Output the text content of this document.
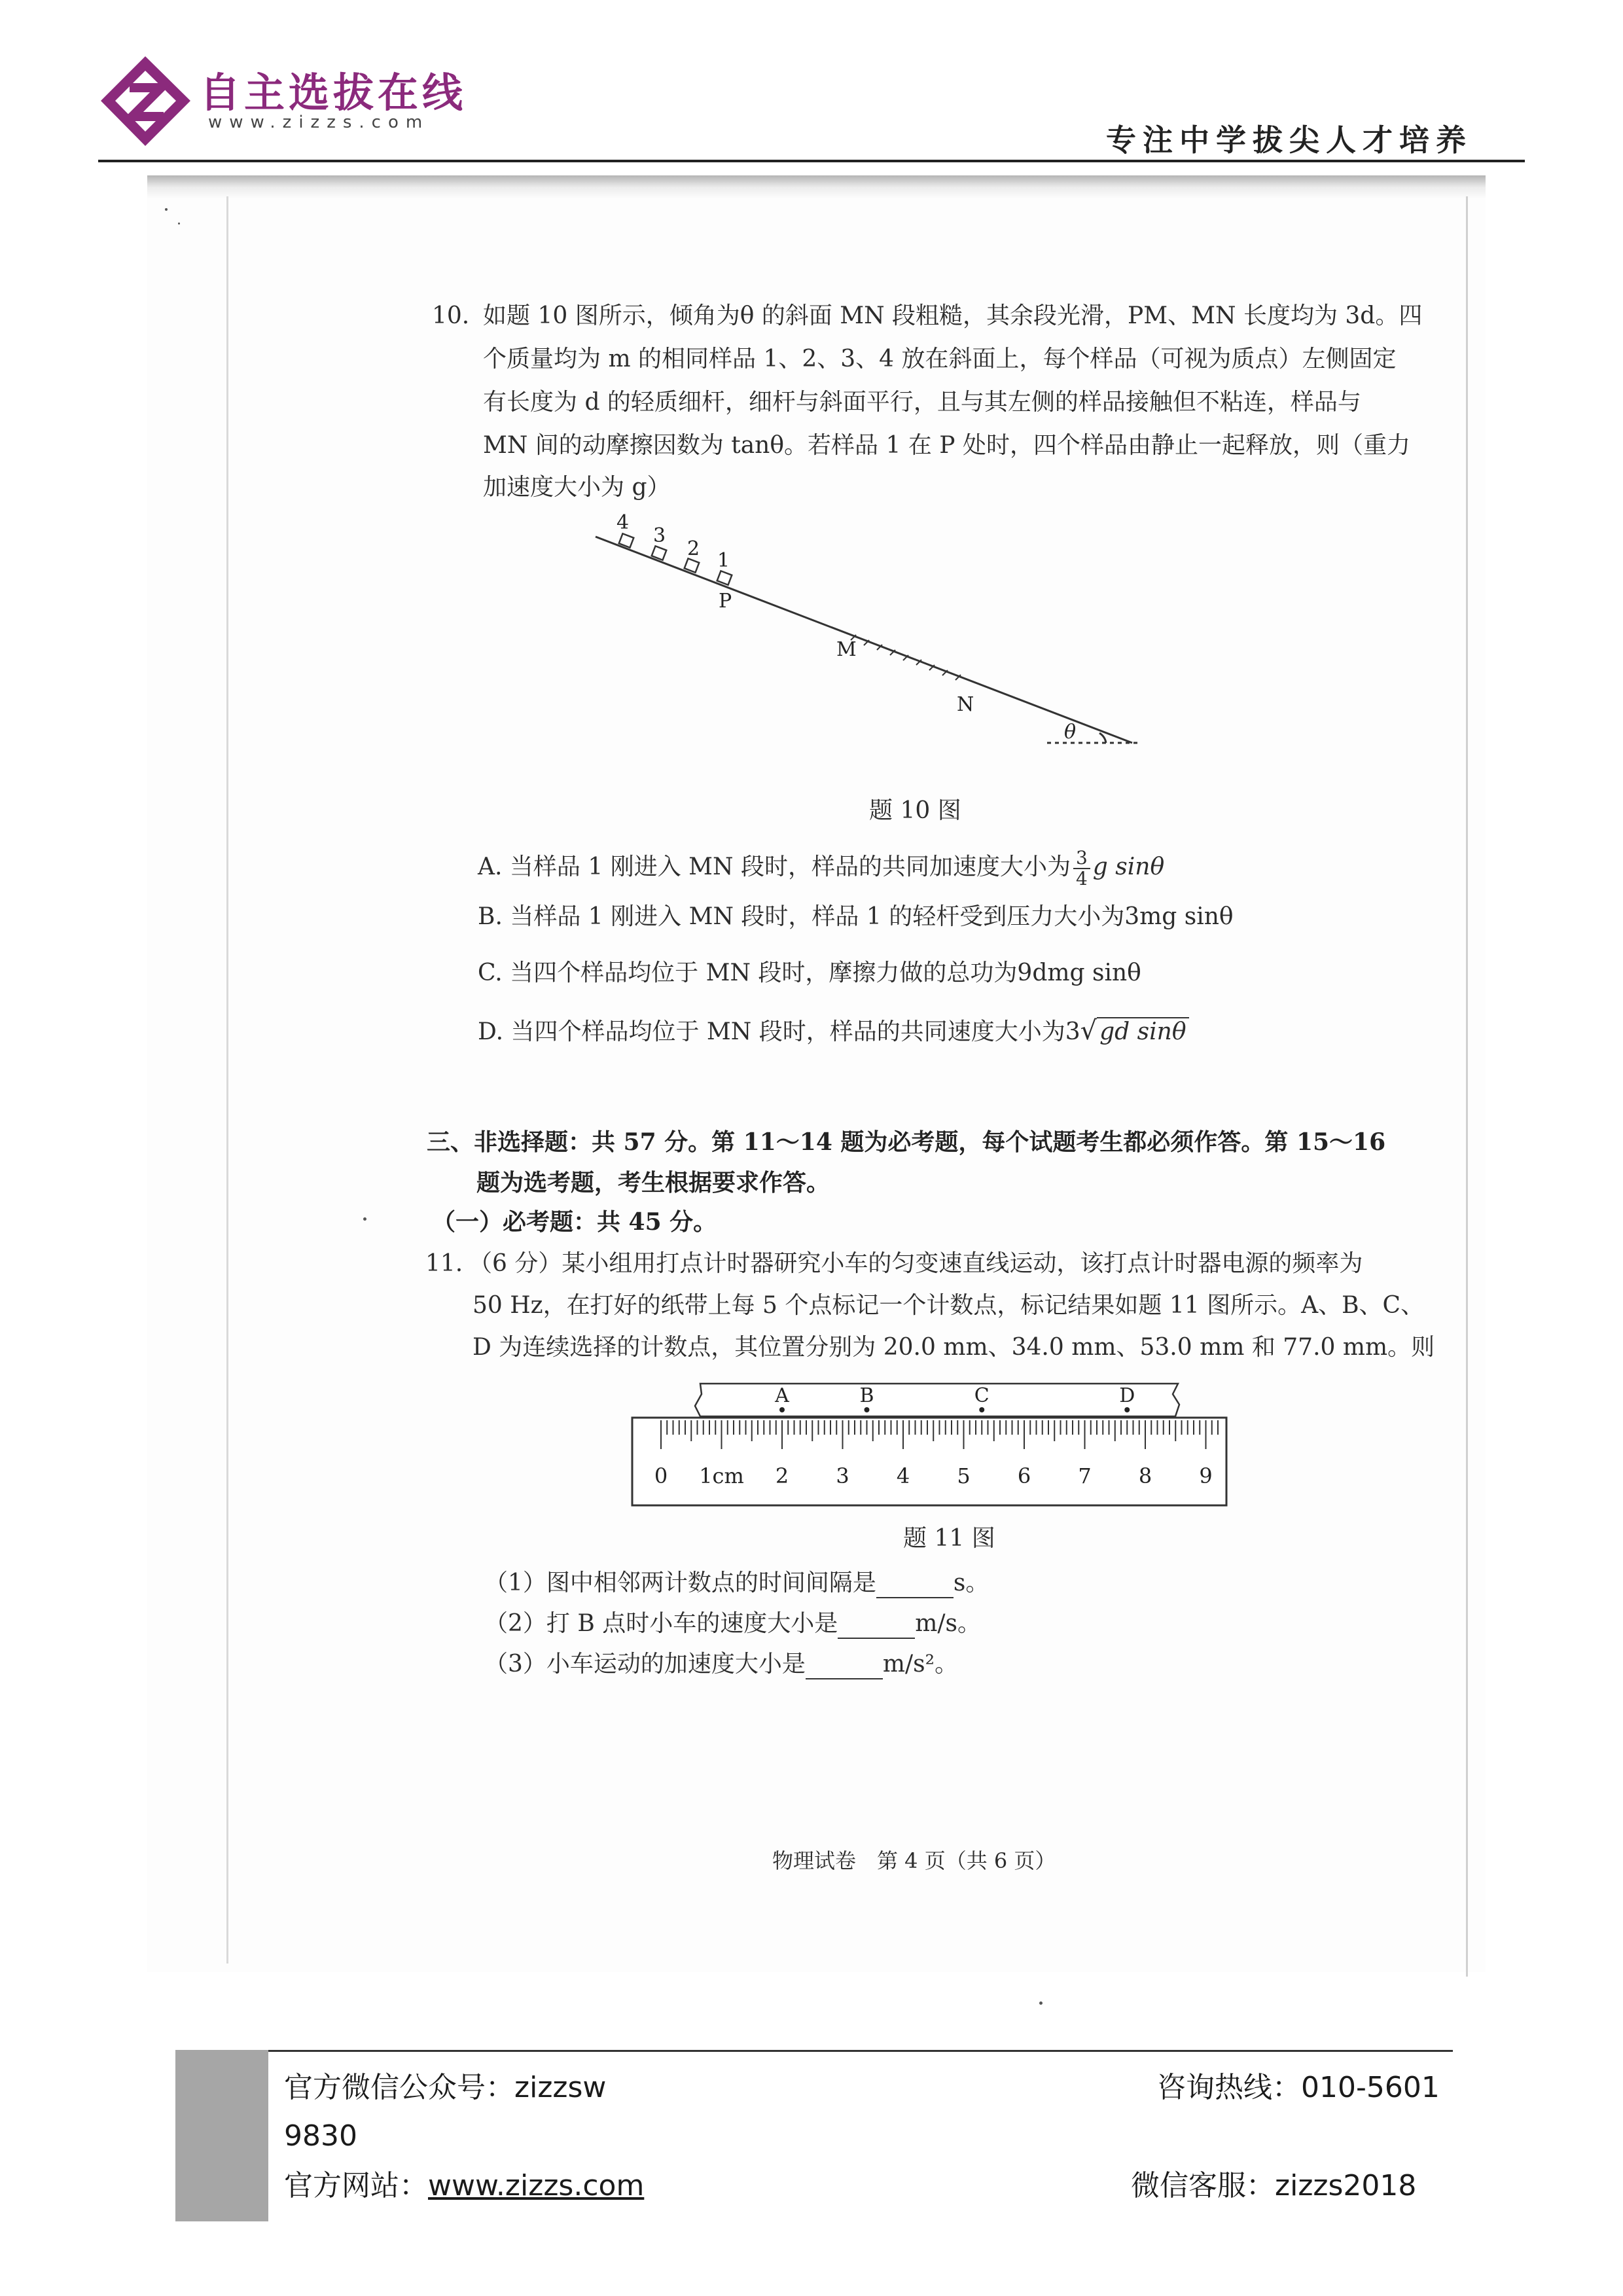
自主选拔在线
www.zizzs.com	专注中学拔尖人才培养
10. 如题 10 图所示，倾角为θ 的斜面 MN 段粗糙，其余段光滑，PM、MN 长度均为 3d。四
个质量均为 m 的相同样品 1、2、3、4 放在斜面上，每个样品（可视为质点）左侧固定
有长度为 d 的轻质细杆，细杆与斜面平行，且与其左侧的样品接触但不粘连，样品与
MN 间的动摩擦因数为 tanθ。若样品 1 在 P 处时，四个样品由静止一起释放，则（重力
加速度大小为 g）
4
3
2
1
P
M
N
θ
题 10 图
A. 当样品 1 刚进入 MN 段时，样品的共同加速度大小为 $\frac{3}{4}$ g sinθ
B. 当样品 1 刚进入 MN 段时，样品 1 的轻杆受到压力大小为3mg sinθ
C. 当四个样品均位于 MN 段时，摩擦力做的总功为9dmg sinθ
D. 当四个样品均位于 MN 段时，样品的共同速度大小为3√ gd sinθ
三、非选择题：共 57 分。第 11～14 题为必考题，每个试题考生都必须作答。第 15～16
题为选考题，考生根据要求作答。
（一）必考题：共 45 分。
11. （6 分）某小组用打点计时器研究小车的匀变速直线运动，该打点计时器电源的频率为
50 Hz，在打好的纸带上每 5 个点标记一个计数点，标记结果如题 11 图所示。A、B、C、
D 为连续选择的计数点，其位置分别为 20.0 mm、34.0 mm、53.0 mm 和 77.0 mm。则
0 1cm 2 3 4 5 6 7 8 9
A	B	C	D
题 11 图
（1）图中相邻两计数点的时间间隔是	s。
（2）打 B 点时小车的速度大小是	m/s。
（3）小车运动的加速度大小是	m/s²。
物理试卷　第 4 页（共 6 页）
官方微信公众号：zizzsw
9830
咨询热线：010-5601
官方网站：www.zizzs.com	微信客服：zizzs2018
